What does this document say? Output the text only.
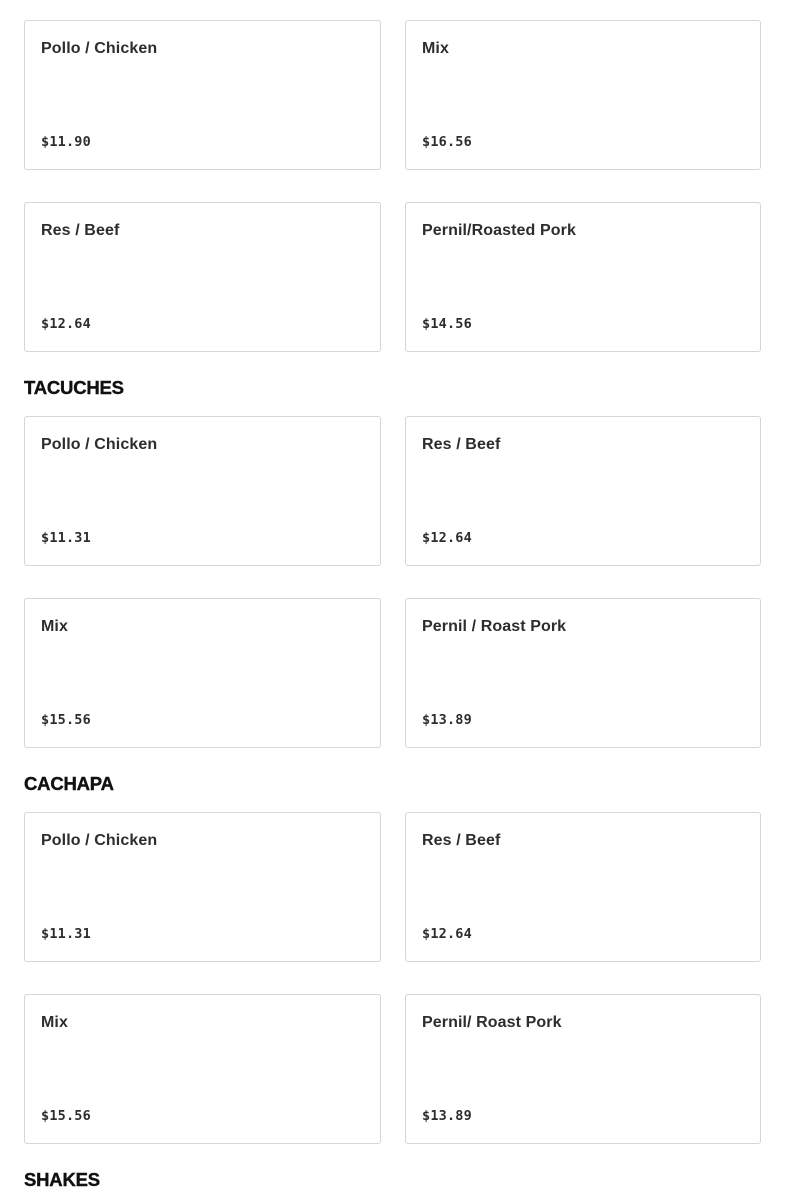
Pollo / Chicken
$11.90
Mix
$16.56
Res / Beef
$12.64
Pernil/Roasted Pork
$14.56
TACUCHES
Pollo / Chicken
$11.31
Res / Beef
$12.64
Mix
$15.56
Pernil / Roast Pork
$13.89
CACHAPA
Pollo / Chicken
$11.31
Res / Beef
$12.64
Mix
$15.56
Pernil/ Roast Pork
$13.89
SHAKES
